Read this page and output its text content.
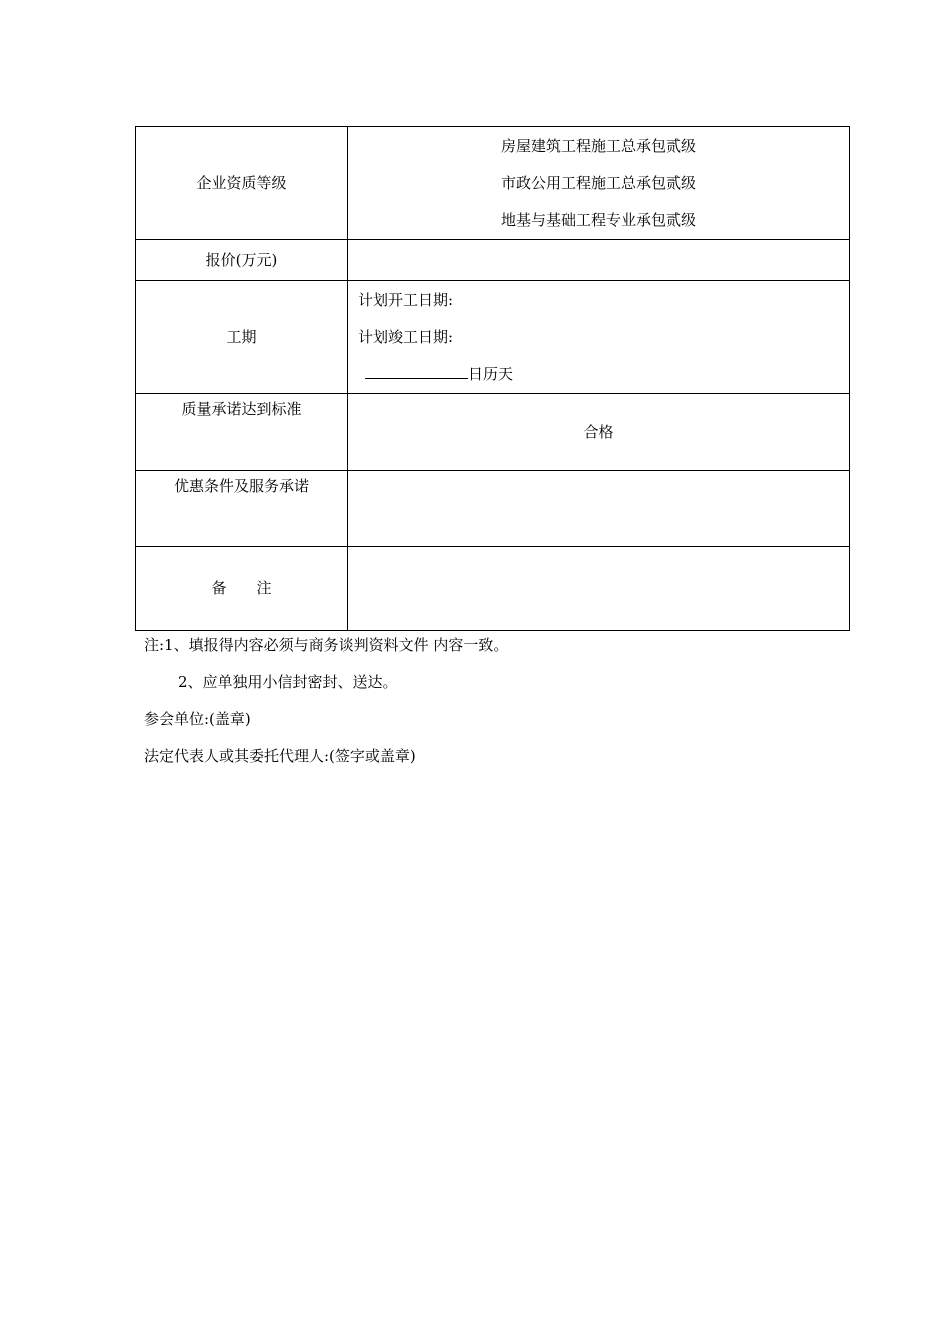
企业资质等级	房屋建筑工程施工总承包贰级
市政公用工程施工总承包贰级
地基与基础工程专业承包贰级

报价(万元)	
工期	计划开工日期:
计划竣工日期:
日历天

质量承诺达到标准	合格
优惠条件及服务承诺	
备　　注	
注:1、填报得内容必须与商务谈判资料文件 内容一致。
2、应单独用小信封密封、送达。
参会单位:(盖章)
法定代表人或其委托代理人:(签字或盖章)
